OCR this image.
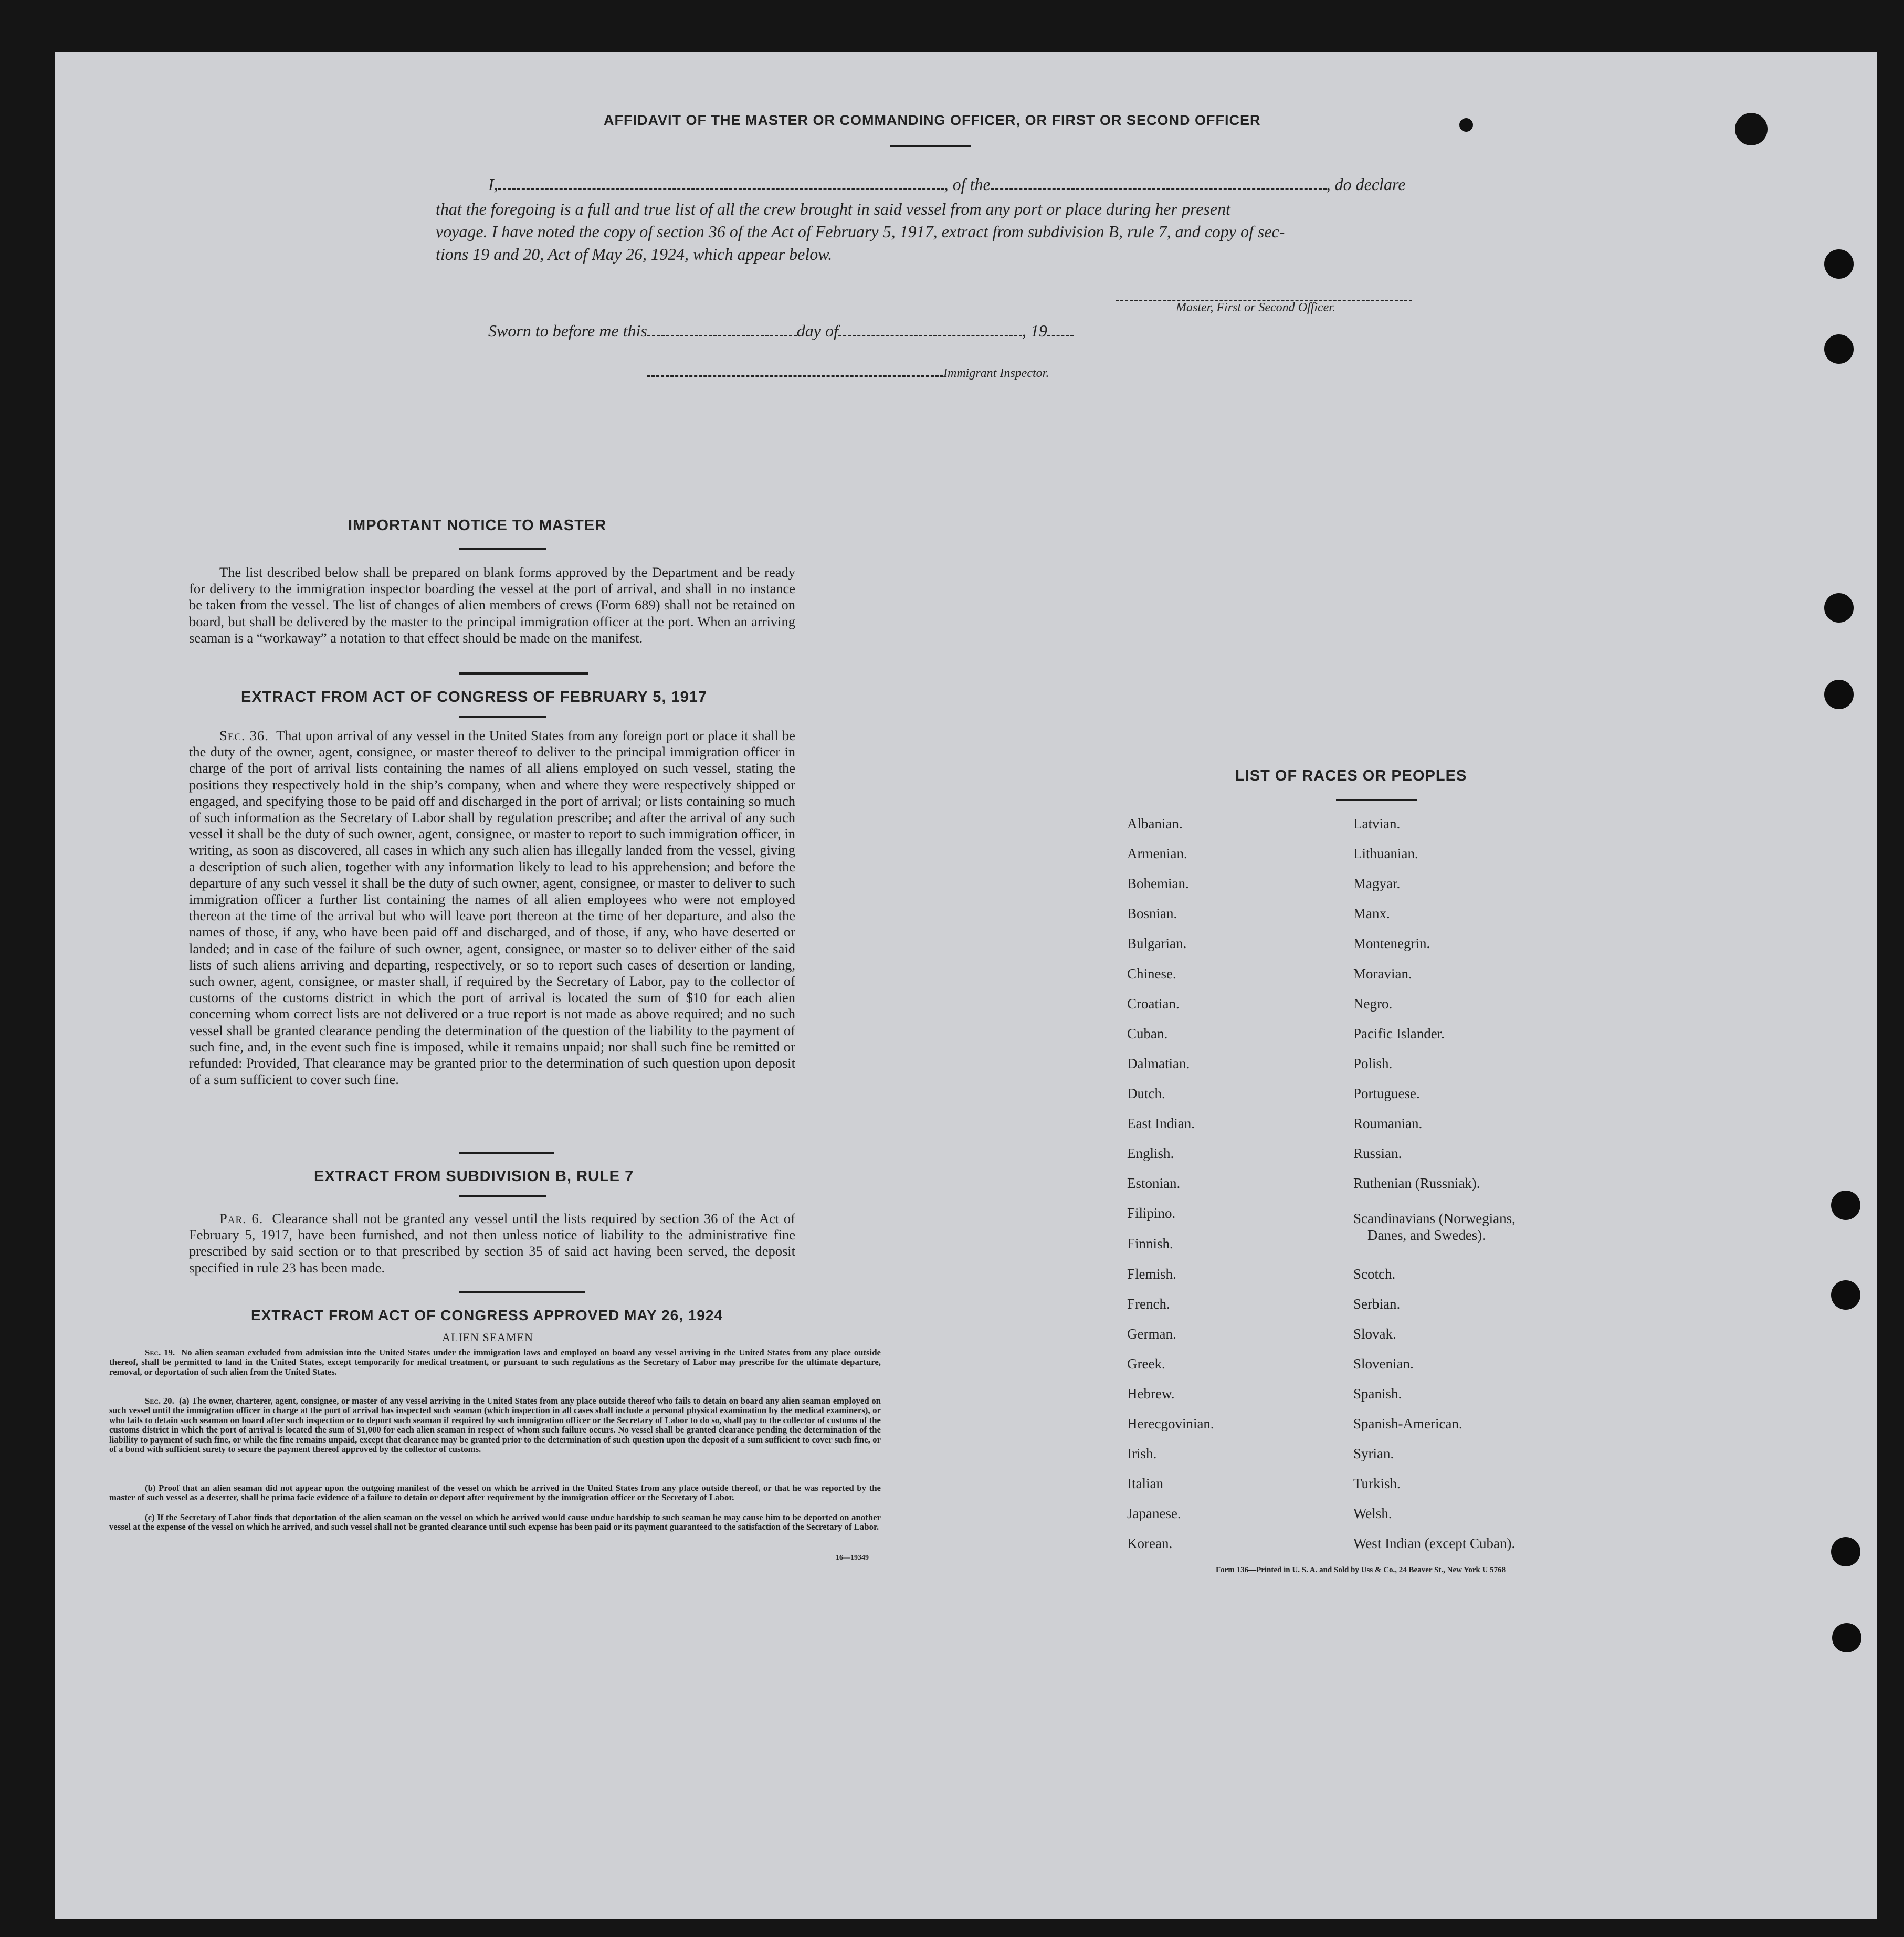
AFFIDAVIT OF THE MASTER OR COMMANDING OFFICER, OR FIRST OR SECOND OFFICER
I,	, of the	, do declare
that the foregoing is a full and true list of all the crew brought in said vessel from any port or place during her present
voyage. I have noted the copy of section 36 of the Act of February 5, 1917, extract from subdivision B, rule 7, and copy of sec-
tions 19 and 20, Act of May 26, 1924, which appear below.
Master, First or Second Officer.
Sworn to before me this	day of	, 19
Immigrant Inspector.
IMPORTANT NOTICE TO MASTER
The list described below shall be prepared on blank forms approved by the Department and be ready for delivery to the immigration inspector boarding the vessel at the port of arrival, and shall in no instance be taken from the vessel. The list of changes of alien members of crews (Form 689) shall not be retained on board, but shall be delivered by the master to the principal immigration officer at the port. When an arriving seaman is a “workaway” a notation to that effect should be made on the manifest.
EXTRACT FROM ACT OF CONGRESS OF FEBRUARY 5, 1917
Sec. 36. That upon arrival of any vessel in the United States from any foreign port or place it shall be the duty of the owner, agent, consignee, or master thereof to deliver to the principal immigration officer in charge of the port of arrival lists containing the names of all aliens employed on such vessel, stating the positions they respectively hold in the ship’s company, when and where they were respectively shipped or engaged, and specifying those to be paid off and discharged in the port of arrival; or lists containing so much of such information as the Secretary of Labor shall by regulation prescribe; and after the arrival of any such vessel it shall be the duty of such owner, agent, consignee, or master to report to such immigration officer, in writing, as soon as discovered, all cases in which any such alien has illegally landed from the vessel, giving a description of such alien, together with any information likely to lead to his apprehension; and before the departure of any such vessel it shall be the duty of such owner, agent, consignee, or master to deliver to such immigration officer a further list containing the names of all alien employees who were not employed thereon at the time of the arrival but who will leave port thereon at the time of her departure, and also the names of those, if any, who have been paid off and discharged, and of those, if any, who have deserted or landed; and in case of the failure of such owner, agent, consignee, or master so to deliver either of the said lists of such aliens arriving and departing, respectively, or so to report such cases of desertion or landing, such owner, agent, consignee, or master shall, if required by the Secretary of Labor, pay to the collector of customs of the customs district in which the port of arrival is located the sum of $10 for each alien concerning whom correct lists are not delivered or a true report is not made as above required; and no such vessel shall be granted clearance pending the determination of the question of the liability to the payment of such fine, and, in the event such fine is imposed, while it remains unpaid; nor shall such fine be remitted or refunded: Provided, That clearance may be granted prior to the determination of such question upon deposit of a sum sufficient to cover such fine.
EXTRACT FROM SUBDIVISION B, RULE 7
Par. 6. Clearance shall not be granted any vessel until the lists required by section 36 of the Act of February 5, 1917, have been furnished, and not then unless notice of liability to the administrative fine prescribed by said section or to that prescribed by section 35 of said act having been served, the deposit specified in rule 23 has been made.
EXTRACT FROM ACT OF CONGRESS APPROVED MAY 26, 1924
ALIEN SEAMEN
Sec. 19. No alien seaman excluded from admission into the United States under the immigration laws and employed on board any vessel arriving in the United States from any place outside thereof, shall be permitted to land in the United States, except temporarily for medical treatment, or pursuant to such regulations as the Secretary of Labor may prescribe for the ultimate departure, removal, or deportation of such alien from the United States.
Sec. 20. (a) The owner, charterer, agent, consignee, or master of any vessel arriving in the United States from any place outside thereof who fails to detain on board any alien seaman employed on such vessel until the immigration officer in charge at the port of arrival has inspected such seaman (which inspection in all cases shall include a personal physical examination by the medical examiners), or who fails to detain such seaman on board after such inspection or to deport such seaman if required by such immigration officer or the Secretary of Labor to do so, shall pay to the collector of customs of the customs district in which the port of arrival is located the sum of $1,000 for each alien seaman in respect of whom such failure occurs. No vessel shall be granted clearance pending the determination of the liability to payment of such fine, or while the fine remains unpaid, except that clearance may be granted prior to the determination of such question upon the deposit of a sum sufficient to cover such fine, or of a bond with sufficient surety to secure the payment thereof approved by the collector of customs.
(b) Proof that an alien seaman did not appear upon the outgoing manifest of the vessel on which he arrived in the United States from any place outside thereof, or that he was reported by the master of such vessel as a deserter, shall be prima facie evidence of a failure to detain or deport after requirement by the immigration officer or the Secretary of Labor.
(c) If the Secretary of Labor finds that deportation of the alien seaman on the vessel on which he arrived would cause undue hardship to such seaman he may cause him to be deported on another vessel at the expense of the vessel on which he arrived, and such vessel shall not be granted clearance until such expense has been paid or its payment guaranteed to the satisfaction of the Secretary of Labor.
16—19349
LIST OF RACES OR PEOPLES
Albanian.
Armenian.
Bohemian.
Bosnian.
Bulgarian.
Chinese.
Croatian.
Cuban.
Dalmatian.
Dutch.
East Indian.
English.
Estonian.
Filipino.
Finnish.
Flemish.
French.
German.
Greek.
Hebrew.
Herecgovinian.
Irish.
Italian
Japanese.
Korean.
Latvian.
Lithuanian.
Magyar.
Manx.
Montenegrin.
Moravian.
Negro.
Pacific Islander.
Polish.
Portuguese.
Roumanian.
Russian.
Ruthenian (Russniak).
Scandinavians (Norwegians,
Danes, and Swedes).
Scotch.
Serbian.
Slovak.
Slovenian.
Spanish.
Spanish-American.
Syrian.
Turkish.
Welsh.
West Indian (except Cuban).
Form 136—Printed in U. S. A. and Sold by Uss & Co., 24 Beaver St., New York U 5768
